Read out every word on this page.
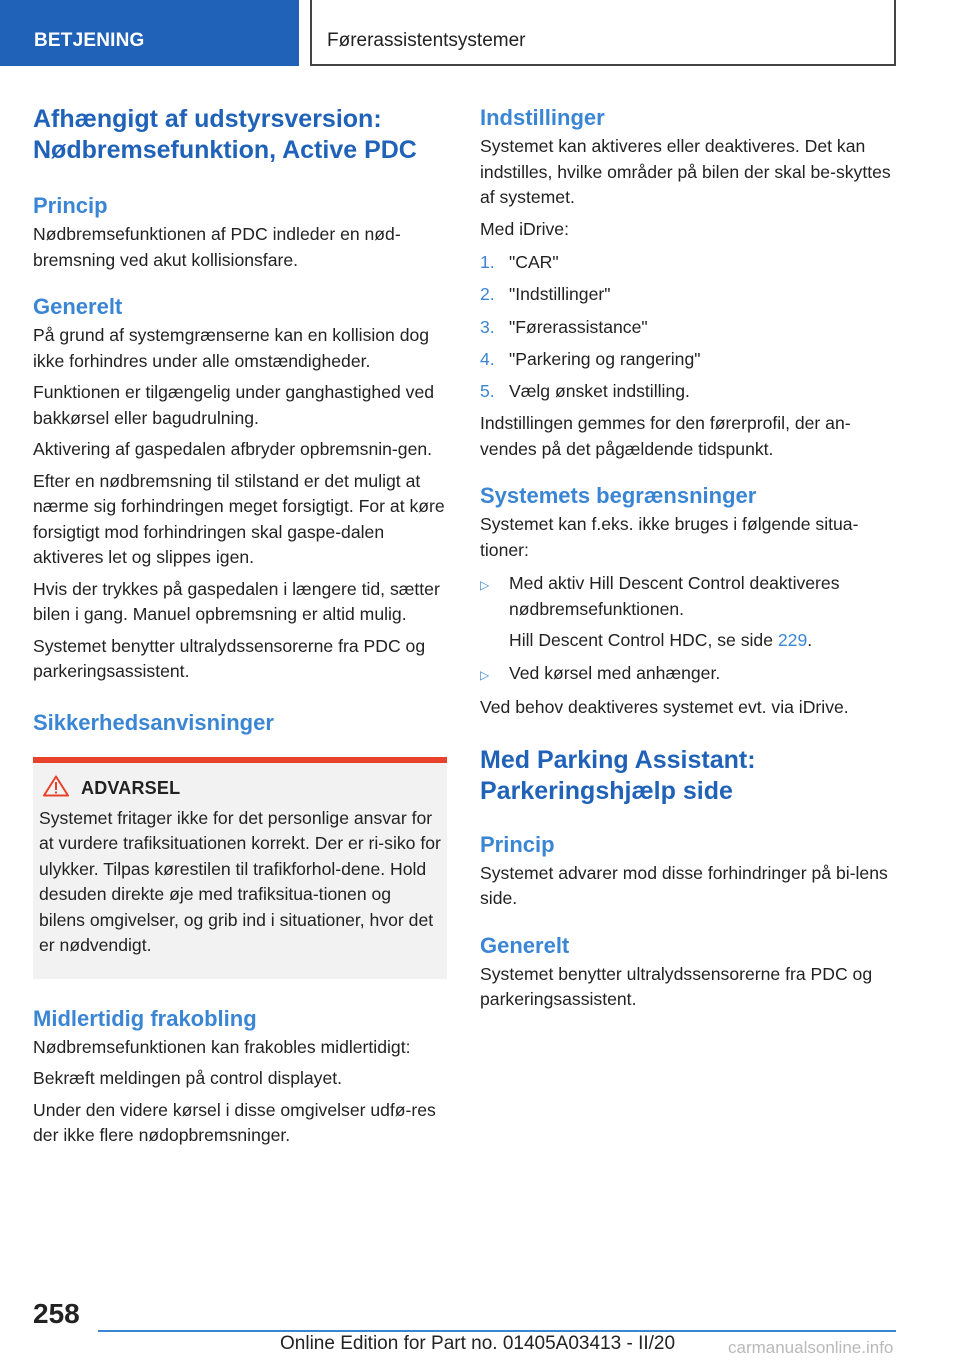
BETJENING	Førerassistentsystemer
Afhængigt af udstyrsversion: Nødbremsefunktion, Active PDC
Princip

Nødbremsefunktionen af PDC indleder en nød-bremsning ved akut kollisionsfare.

Generelt

På grund af systemgrænserne kan en kollision dog ikke forhindres under alle omstændigheder.

Funktionen er tilgængelig under ganghastighed ved bakkørsel eller bagudrulning.

Aktivering af gaspedalen afbryder opbremsnin-gen.

Efter en nødbremsning til stilstand er det muligt at nærme sig forhindringen meget forsigtigt. For at køre forsigtigt mod forhindringen skal gaspe-dalen aktiveres let og slippes igen.

Hvis der trykkes på gaspedalen i længere tid, sætter bilen i gang. Manuel opbremsning er altid mulig.

Systemet benytter ultralydssensorerne fra PDC og parkeringsassistent.

Sikkerhedsanvisninger
ADVARSEL

Systemet fritager ikke for det personlige ansvar for at vurdere trafiksituationen korrekt. Der er ri-siko for ulykker. Tilpas kørestilen til trafikforhol-dene. Hold desuden direkte øje med trafiksitua-tionen og bilens omgivelser, og grib ind i situationer, hvor det er nødvendigt.

Midlertidig frakobling

Nødbremsefunktionen kan frakobles midlertidigt:

Bekræft meldingen på control displayet.

Under den videre kørsel i disse omgivelser udfø-res der ikke flere nødopbremsninger.

Indstillinger

Systemet kan aktiveres eller deaktiveres. Det kan indstilles, hvilke områder på bilen der skal be-skyttes af systemet.

Med iDrive:

1. "CAR"
2. "Indstillinger"
3. "Førerassistance"
4. "Parkering og rangering"
5. Vælg ønsket indstilling.

Indstillingen gemmes for den førerprofil, der an-vendes på det pågældende tidspunkt.

Systemets begrænsninger

Systemet kan f.eks. ikke bruges i følgende situa-tioner:

▷	Med aktiv Hill Descent Control deaktiveres nødbremsefunktionen.
Hill Descent Control HDC, se side 229.
▷	Ved kørsel med anhænger.

Ved behov deaktiveres systemet evt. via iDrive.

Med Parking Assistant: Parkeringshjælp side
Princip

Systemet advarer mod disse forhindringer på bi-lens side.

Generelt

Systemet benytter ultralydssensorerne fra PDC og parkeringsassistent.

258
Online Edition for Part no. 01405A03413 - II/20	carmanualsonline.info
